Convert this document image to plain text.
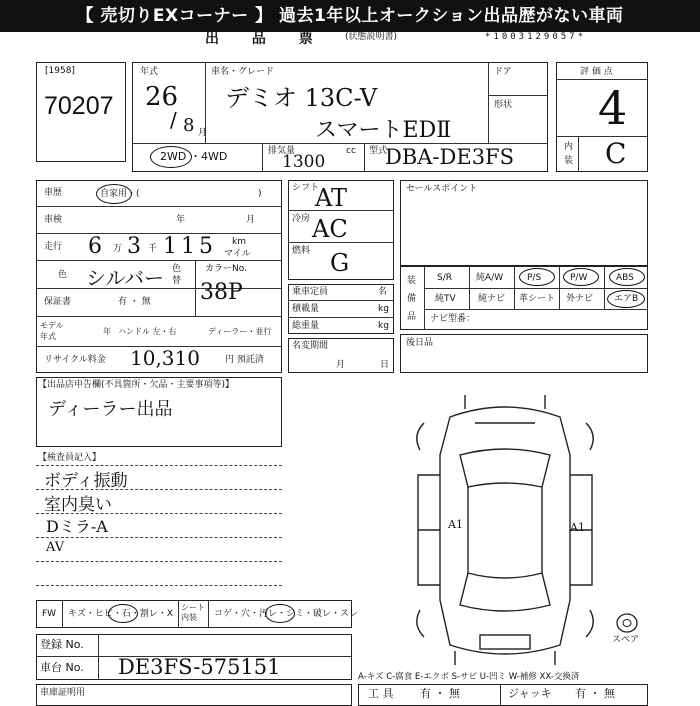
【 売切りEXコーナー 】 過去1年以上オークション出品歴がない車両
出 品 票 (状態説明書)	*1003129057*
[1958]
70207
年式	車名・グレード	ドア
形状
26
/ 8 月
デミオ 13C-V
スマートEDⅡ
2WD ・4WD	排気量	cc
1300
型式
DBA-DE3FS
評 価 点
4
内
装 C
車歴	自家用・(	)
車検	年	月
走行 6 万 3 千 115 km
マイル
色 シルバー 色
替
カラーNo.
38P
保証書	有 ・ 無
モデル
年式
年 ハンドル 左・右	ディーラー・並行
リサイクル料金 10,310	円 預託済
シフト
AT
冷房 AC
燃料 G
乗車定員	名
積載量	kg
総重量	kg
名変期間
月	日
セールスポイント
装
備
品
S/R	純A/W	P/S	P/W	ABS
純TV 純ナビ 革シート 外ナビ エアB
ナビ型番：
後日品
【出品店申告欄(不具箇所・欠品・主要事項等)】
ディーラー出品
【検査員記入】
ボディ振動
室内臭い
Dミラ-A
AV
FW キズ・ヒビ・石・割レ・X
シート
内装	コゲ・穴・汚レ・シミ・破レ・スレ
登録 No.
車台 No. DE3FS-575151
車庫証明用	工 具 有 ・ 無	ジャッキ 有 ・ 無
A-キズ C-腐食 E-エクボ S-サビ U-凹ミ W-補修 XX-交換済
スペア
A1	A1
